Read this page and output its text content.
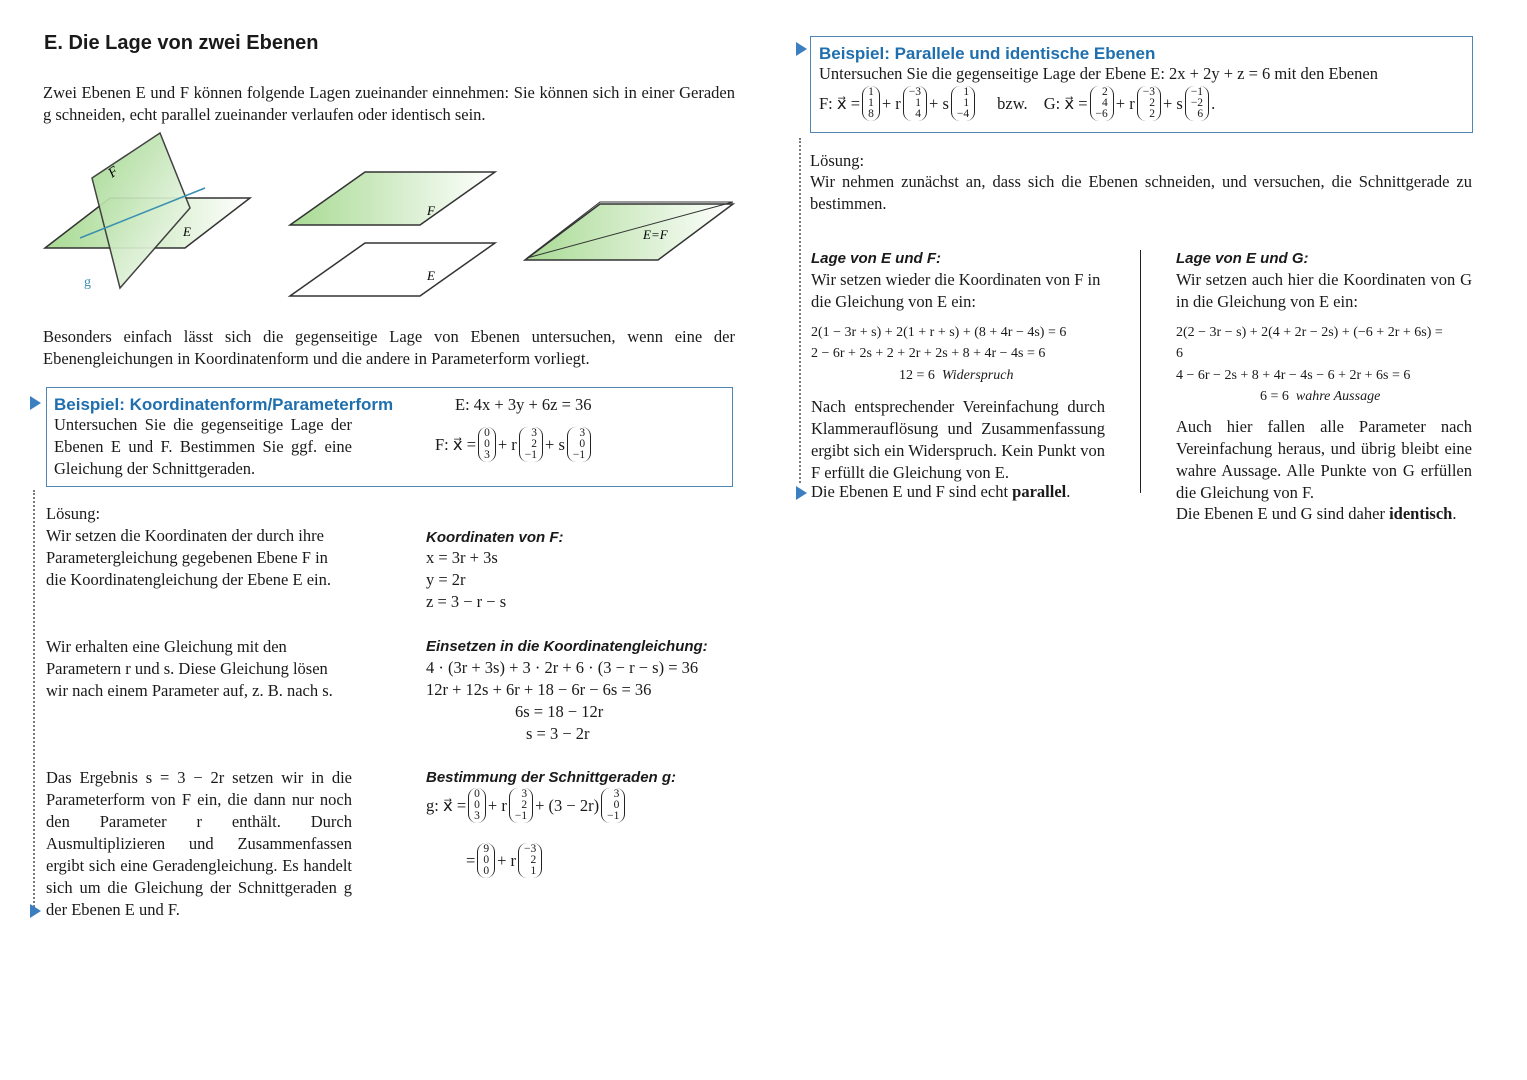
E. Die Lage von zwei Ebenen
Zwei Ebenen E und F können folgende Lagen zueinander einnehmen: Sie können sich in einer Geraden g schneiden, echt parallel zueinander verlaufen oder identisch sein.
F
E
g
F
E
E=F
Besonders einfach lässt sich die gegenseitige Lage von Ebenen untersuchen, wenn eine der Ebenengleichungen in Koordinatenform und die andere in Parameterform vorliegt.
Beispiel: Koordinatenform/Parameterform
Untersuchen Sie die gegenseitige Lage der Ebenen E und F. Bestimmen Sie ggf. eine Gleichung der Schnittgeraden.
E: 4x + 3y + 6z = 36
F: x⃗ =
0
0
3
+ r
3
2
−1
+ s
3
0
−1
Lösung:
Wir setzen die Koordinaten der durch ihre Parametergleichung gegebenen Ebene F in die Koordinatengleichung der Ebene E ein.
Koordinaten von F:
x = 3r + 3s
y = 2r
z = 3 − r − s
Wir erhalten eine Gleichung mit den Parametern r und s. Diese Gleichung lösen wir nach einem Parameter auf, z. B. nach s.
Einsetzen in die Koordinatengleichung:
4 · (3r + 3s) + 3 · 2r + 6 · (3 − r − s) = 36
12r + 12s + 6r + 18 − 6r − 6s = 36
6s = 18 − 12r
s = 3 − 2r
Das Ergebnis s = 3 − 2r setzen wir in die Parameterform von F ein, die dann nur noch den Parameter r enthält. Durch Ausmultiplizieren und Zusammenfassen ergibt sich eine Geradengleichung. Es handelt sich um die Gleichung der Schnittgeraden g der Ebenen E und F.
Bestimmung der Schnittgeraden g:
g: x⃗ =
0
0
3
+ r
3
2
−1
+ (3 − 2r)
3
0
−1
=
9
0
0
+ r
−3
2
1
Beispiel: Parallele und identische Ebenen
Untersuchen Sie die gegenseitige Lage der Ebene E: 2x + 2y + z = 6 mit den Ebenen
F: x⃗ =
1
1
8
+ r
−3
1
4
+ s
1
1
−4
bzw. G: x⃗ =
2
4
−6
+ r
−3
2
2
+ s
−1
−2
6
.
Lösung:
Wir nehmen zunächst an, dass sich die Ebenen schneiden, und versuchen, die Schnittgerade zu bestimmen.
Lage von E und F:
Wir setzen wieder die Koordinaten von F in die Gleichung von E ein:
2(1 − 3r + s) + 2(1 + r + s) + (8 + 4r − 4s) = 6
2 − 6r + 2s + 2 + 2r + 2s + 8 + 4r − 4s = 6
12 = 6 Widerspruch
Nach entsprechender Vereinfachung durch Klammerauflösung und Zusammenfassung ergibt sich ein Widerspruch. Kein Punkt von F erfüllt die Gleichung von E.
Die Ebenen E und F sind echt parallel.
Lage von E und G:
Wir setzen auch hier die Koordinaten von G in die Gleichung von E ein:
2(2 − 3r − s) + 2(4 + 2r − 2s) + (−6 + 2r + 6s) =
6
4 − 6r − 2s + 8 + 4r − 4s − 6 + 2r + 6s = 6
6 = 6 wahre Aussage
Auch hier fallen alle Parameter nach Vereinfachung heraus, und übrig bleibt eine wahre Aussage. Alle Punkte von G erfüllen die Gleichung von F.
Die Ebenen E und G sind daher identisch.
